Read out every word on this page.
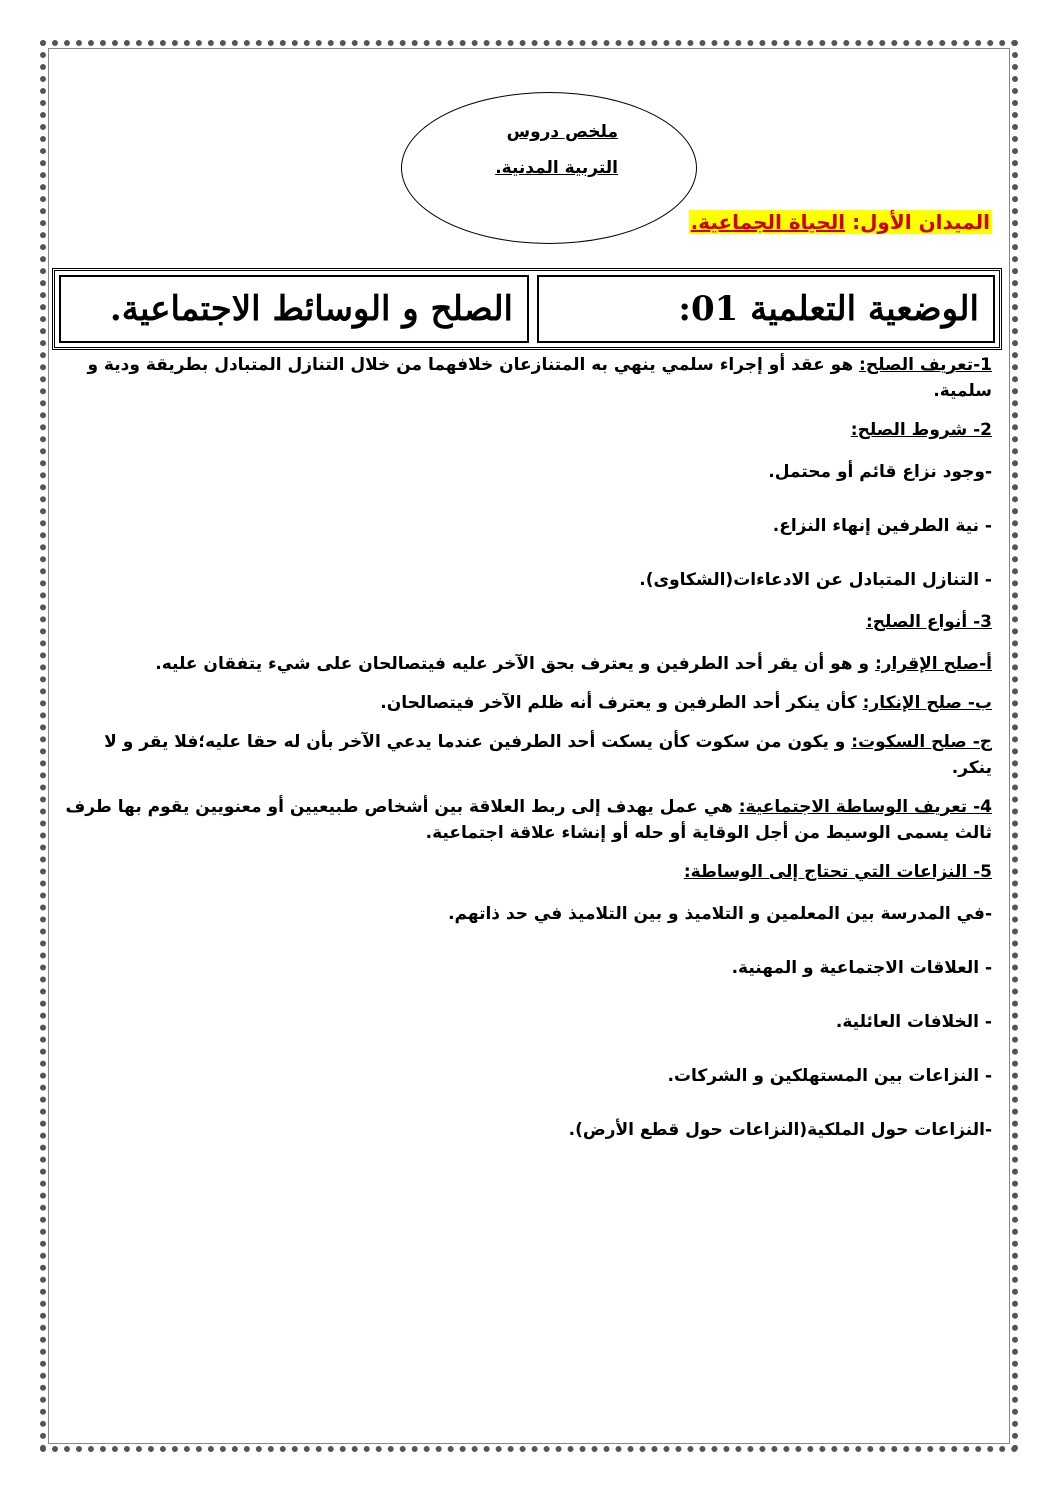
ملخص دروس
التربية المدنية.
الميدان الأول: الحياة الجماعية.
الوضعية التعلمية 01:
الصلح و الوسائط الاجتماعية.

1-تعريف الصلح: هو عقد أو إجراء سلمي ينهي به المتنازعان خلافهما من خلال التنازل المتبادل بطريقة ودية و سلمية.

2- شروط الصلح:

-وجود نزاع قائم أو محتمل.

- نية الطرفين إنهاء النزاع.

- التنازل المتبادل عن الادعاءات(الشكاوى).

3- أنواع الصلح:

أ-صلح الإقرار: و هو أن يقر أحد الطرفين و يعترف بحق الآخر عليه فيتصالحان على شيء يتفقان عليه.

ب- صلح الإنكار: كأن ينكر أحد الطرفين و يعترف أنه ظلم الآخر فيتصالحان.

ج- صلح السكوت: و يكون من سكوت كأن يسكت أحد الطرفين عندما يدعي الآخر بأن له حقا عليه؛فلا يقر و لا ينكر.

4- تعريف الوساطة الاجتماعية: هي عمل يهدف إلى ربط العلاقة بين أشخاص طبيعيين أو معنويين يقوم بها طرف ثالث يسمى الوسيط من أجل الوقاية أو حله أو إنشاء علاقة اجتماعية.

5- النزاعات التي تحتاج إلى الوساطة:

-في المدرسة بين المعلمين و التلاميذ و بين التلاميذ في حد ذاتهم.

- العلاقات الاجتماعية و المهنية.

- الخلافات العائلية.

- النزاعات بين المستهلكين و الشركات.

-النزاعات حول الملكية(النزاعات حول قطع الأرض).
